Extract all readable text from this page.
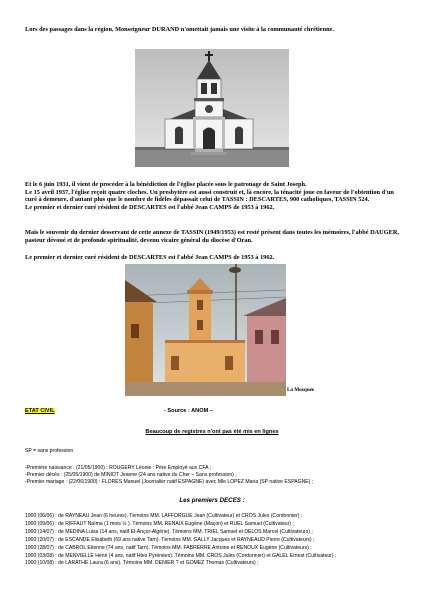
Lors des passages dans la région, Monseigneur DURAND n'omettait jamais une visite à la communauté chrétienne.
Et le 6 juin 1931, il vient de procéder à la bénédiction de l'église placée sous le patronage de Saint Joseph.
Le 15 avril 1937, l'église reçoit quatre cloches. Un presbytère est aussi construit et, là encore, la ténacité joue en faveur de l'obtention d'un curé à demeure, d'autant plus que le nombre de fidèles dépassait celui de TASSIN : DESCARTES, 900 catholiques, TASSIN 524.
Le premier et dernier curé résident de DESCARTES est l'abbé Jean CAMPS de 1953 à 1962.
Mais le souvenir du dernier desservant de cette annexe de TASSIN (1949/1953) est resté présent dans toutes les mémoires, l'abbé DAUGER, pasteur dévoué et de profonde spiritualité, devenu vicaire général du diocèse d'Oran.
Le premier et dernier curé résident de DESCARTES est l'abbé Jean CAMPS de 1953 à 1962.
La Mosquée
ETAT CIVIL	- Source : ANOM –
Beaucoup de registres n'ont pas été mis en lignes
SP = sans profession
-Première naissance : (21/05/1900) : ROUGERY Léonie : Père Employé aux CFA ;
-Premier décès : (25/05/1900) de MINIOT Jeanne (24 ans native du Cher – Sans profession) ;
-Premier mariage : (22/06/1900) : FLORES Manuel (Journalier natif ESPAGNE) avec Mle LOPEZ Maria (SP native ESPAGNE) ;
Les premiers DECES :
1900 (06/06) : de RAYNEAU Jean (6 heures). Témoins MM. LAFFORGUE Jean (Cultivateur) et CROS Jules (Cordonnier) ;
1900 (09/06) : de RIFFAUT Naïma (1 mois ½ ). Témoins MM. RENAIX Eugène (Maçon) et RUEL Samuel (Cultivateur) ;
1900 (14/07) : de MEDINA Luisa (14 ans, natif El-Ançor-Algérie). Témoins MM. TRIEL Samuel et DELOS Marcel (Cultivateurs) ;
1900 (20/07) : de ESCANDE Elisabeth (69 ans native Tarn). Témoins MM. GALLY Jacques et RAYNEAUD Pierre (Cultivateurs) ;
1900 (28/07) : de CABROL Etienne (74 ans, natif Tarn). Témoins MM. FABRERRE Antoine et RENOUX Eugène (Cultivateurs) ;
1900 (03/08) : de MENVIELLE Henri (4 ans, natif Htes Pyrénées). Témoins MM. CROS Jules (Cordonnier) et GALEL Ernest (Cultivateur) ;
1900 (10/08) : de LARATHE Laura (6 ans). Témoins MM. DENIER ? et GOMEZ Thomas (Cultivateurs) ;
